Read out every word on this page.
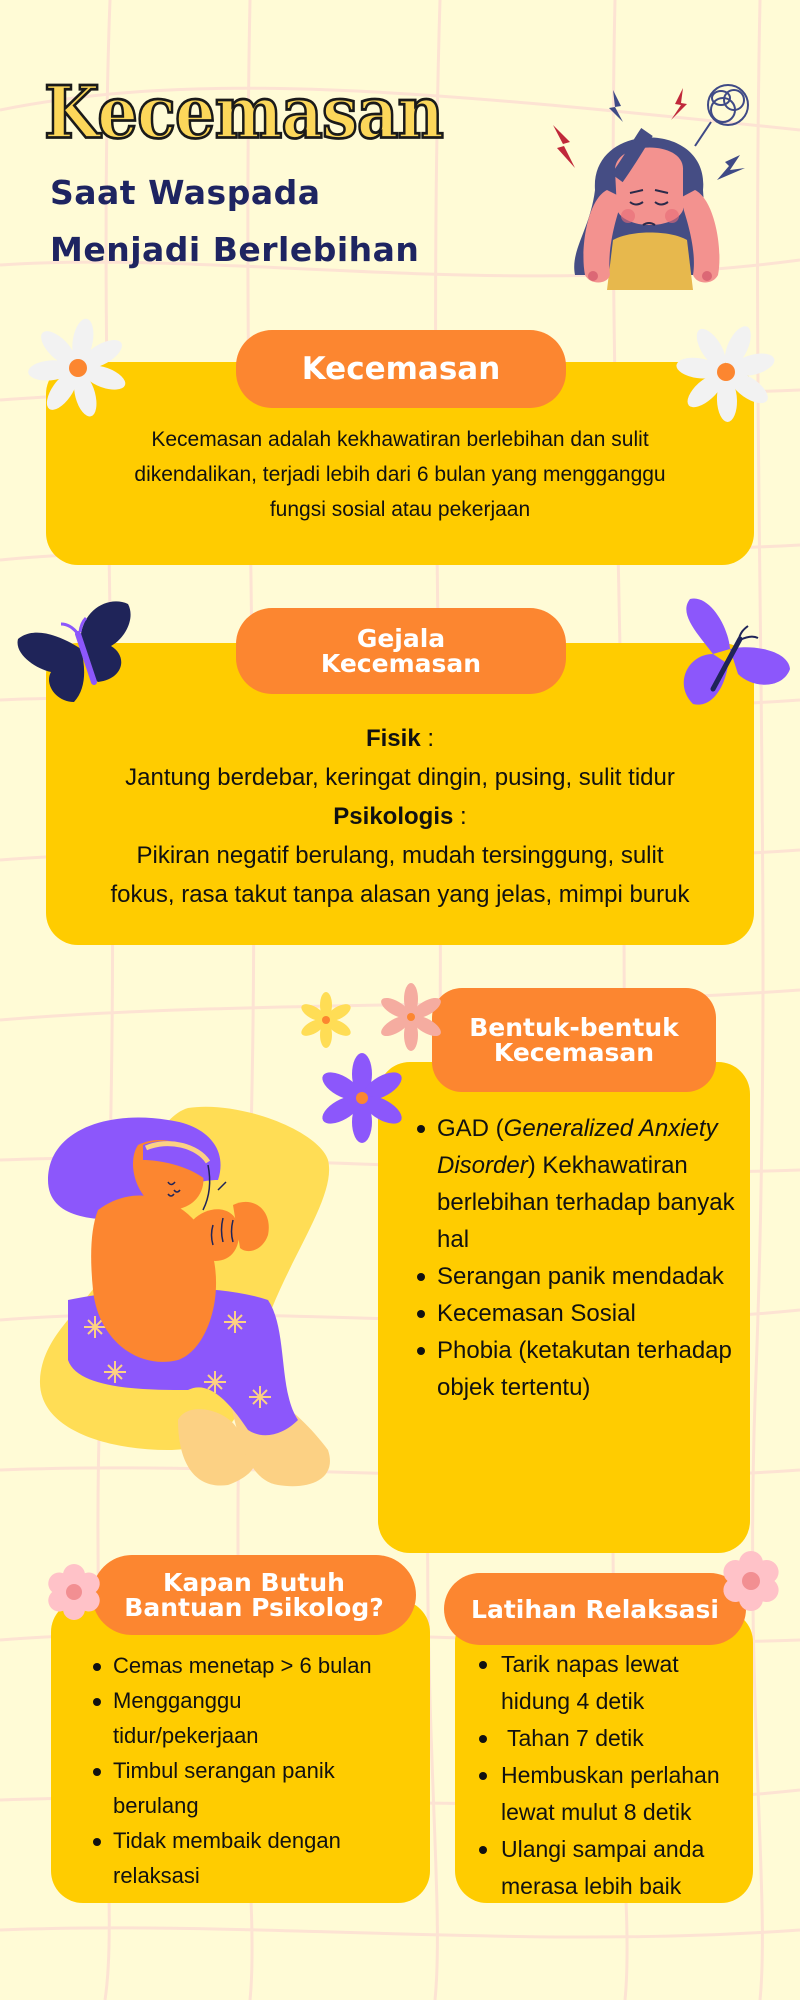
Kecemasan
Saat Waspada
Menjadi Berlebihan
Kecemasan adalah kekhawatiran berlebihan dan sulit
dikendalikan, terjadi lebih dari 6 bulan yang mengganggu
fungsi sosial atau pekerjaan
Kecemasan
Fisik :
Jantung berdebar, keringat dingin, pusing, sulit tidur
Psikologis :
Pikiran negatif berulang, mudah tersinggung, sulit
fokus, rasa takut tanpa alasan yang jelas, mimpi buruk
Gejala
Kecemasan
GAD (Generalized Anxiety Disorder) Kekhawatiran berlebihan terhadap banyak hal
Serangan panik mendadak
Kecemasan Sosial
Phobia (ketakutan terhadap objek tertentu)
Bentuk-bentuk
Kecemasan
Cemas menetap > 6 bulan
Mengganggu tidur/pekerjaan
Timbul serangan panik berulang
Tidak membaik dengan relaksasi
Kapan Butuh
Bantuan Psikolog?
Tarik napas lewat hidung 4 detik
Tahan 7 detik
Hembuskan perlahan lewat mulut 8 detik
Ulangi sampai anda merasa lebih baik
Latihan Relaksasi
